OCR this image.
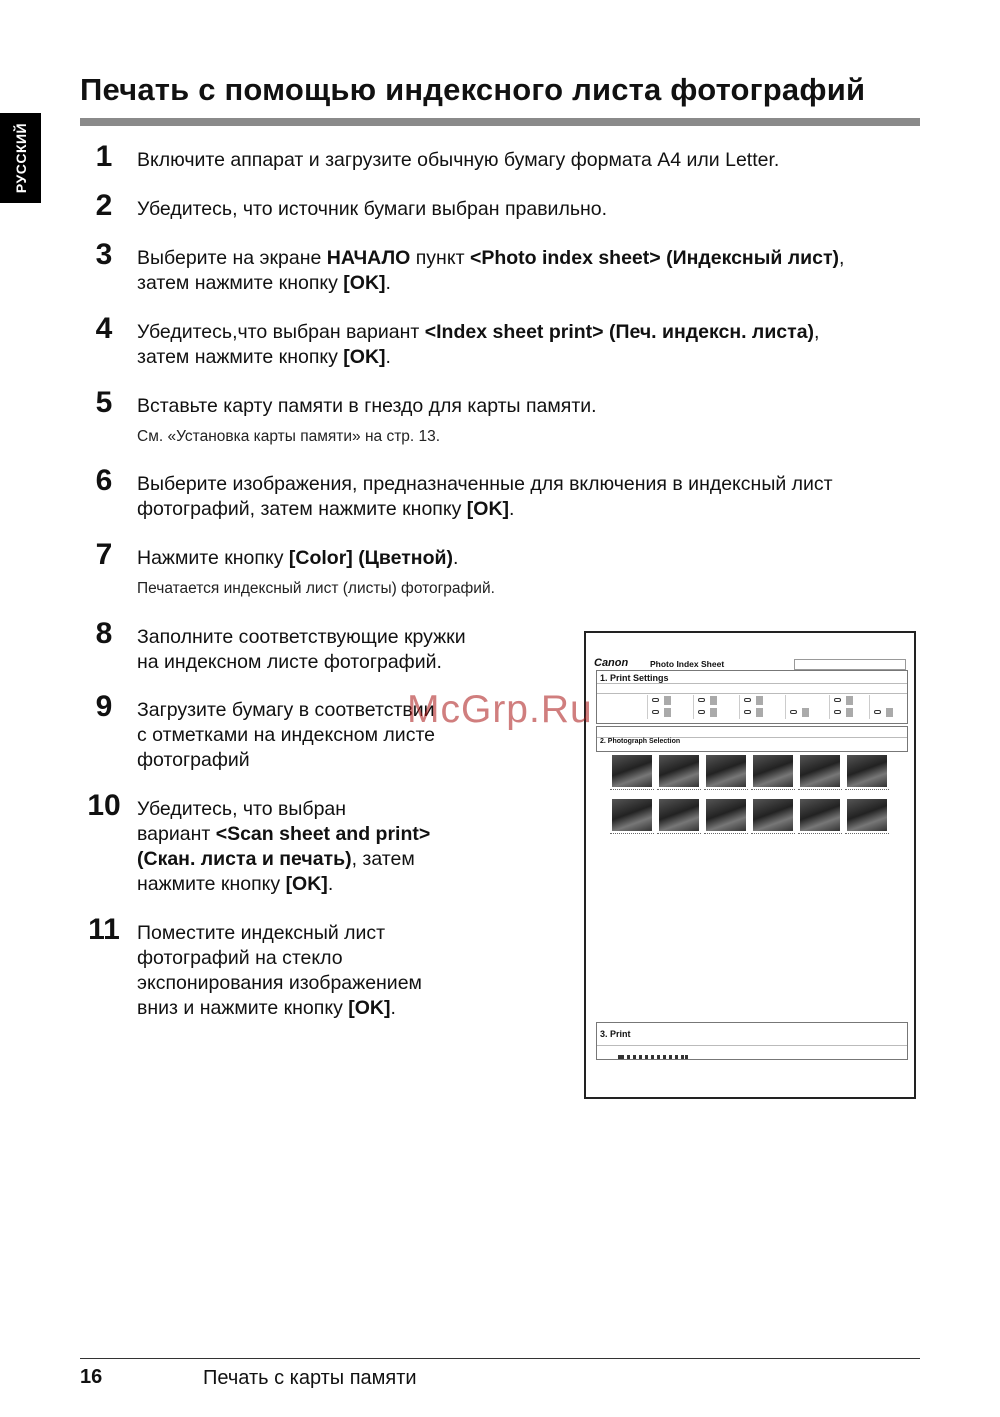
РУССКИЙ
Печать с помощью индексного листа фотографий
1	Включите аппарат и загрузите обычную бумагу формата A4 или Letter.
2	Убедитесь, что источник бумаги выбран правильно.
3	Выберите на экране НАЧАЛО пункт <Photo index sheet> (Индексный лист),
затем нажмите кнопку [OK].
4	Убедитесь,что выбран вариант <Index sheet print> (Печ. индексн. листа),
затем нажмите кнопку [OK].
5	Вставьте карту памяти в гнездо для карты памяти.
См. «Установка карты памяти» на стр. 13.
6	Выберите изображения, предназначенные для включения в индексный лист
фотографий, затем нажмите кнопку [OK].
7	Нажмите кнопку [Color] (Цветной).
Печатается индексный лист (листы) фотографий.
8	Заполните соответствующие кружки
на индексном листе фотографий.
9	Загрузите бумагу в соответствии
с отметками на индексном листе
фотографий
10 Убедитесь, что выбран
вариант <Scan sheet and print>
(Скан. листа и печать), затем
нажмите кнопку [OK].
11 Поместите индексный лист
фотографий на стекло
экспонирования изображением
вниз и нажмите кнопку [OK].
Canon	Photo Index Sheet
1. Print Settings
2. Photograph Selection
3. Print
McGrp.Ru
16	Печать с карты памяти
